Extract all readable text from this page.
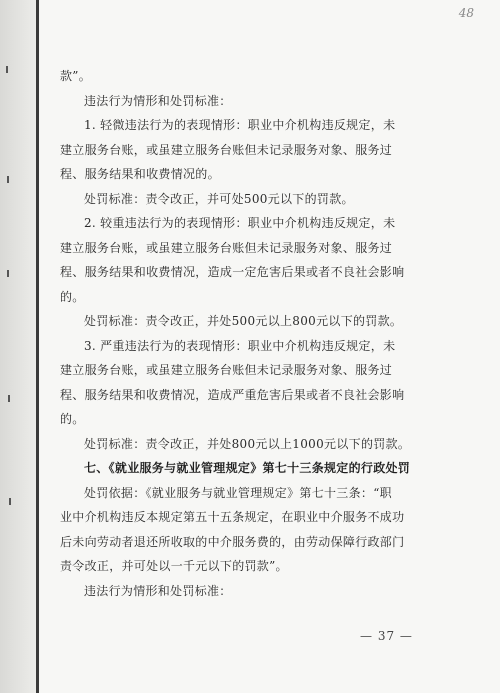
48
款”。
违法行为情形和处罚标准：
1. 轻微违法行为的表现情形：职业中介机构违反规定，未
建立服务台账，或虽建立服务台账但未记录服务对象、服务过
程、服务结果和收费情况的。
处罚标准：责令改正，并可处500元以下的罚款。
2. 较重违法行为的表现情形：职业中介机构违反规定，未
建立服务台账，或虽建立服务台账但未记录服务对象、服务过
程、服务结果和收费情况，造成一定危害后果或者不良社会影响
的。
处罚标准：责令改正，并处500元以上800元以下的罚款。
3. 严重违法行为的表现情形：职业中介机构违反规定，未
建立服务台账，或虽建立服务台账但未记录服务对象、服务过
程、服务结果和收费情况，造成严重危害后果或者不良社会影响
的。
处罚标准：责令改正，并处800元以上1000元以下的罚款。
七、《就业服务与就业管理规定》第七十三条规定的行政处罚
处罚依据：《就业服务与就业管理规定》第七十三条：“职
业中介机构违反本规定第五十五条规定，在职业中介服务不成功
后未向劳动者退还所收取的中介服务费的，由劳动保障行政部门
责令改正，并可处以一千元以下的罚款”。
违法行为情形和处罚标准：
— 37 —
